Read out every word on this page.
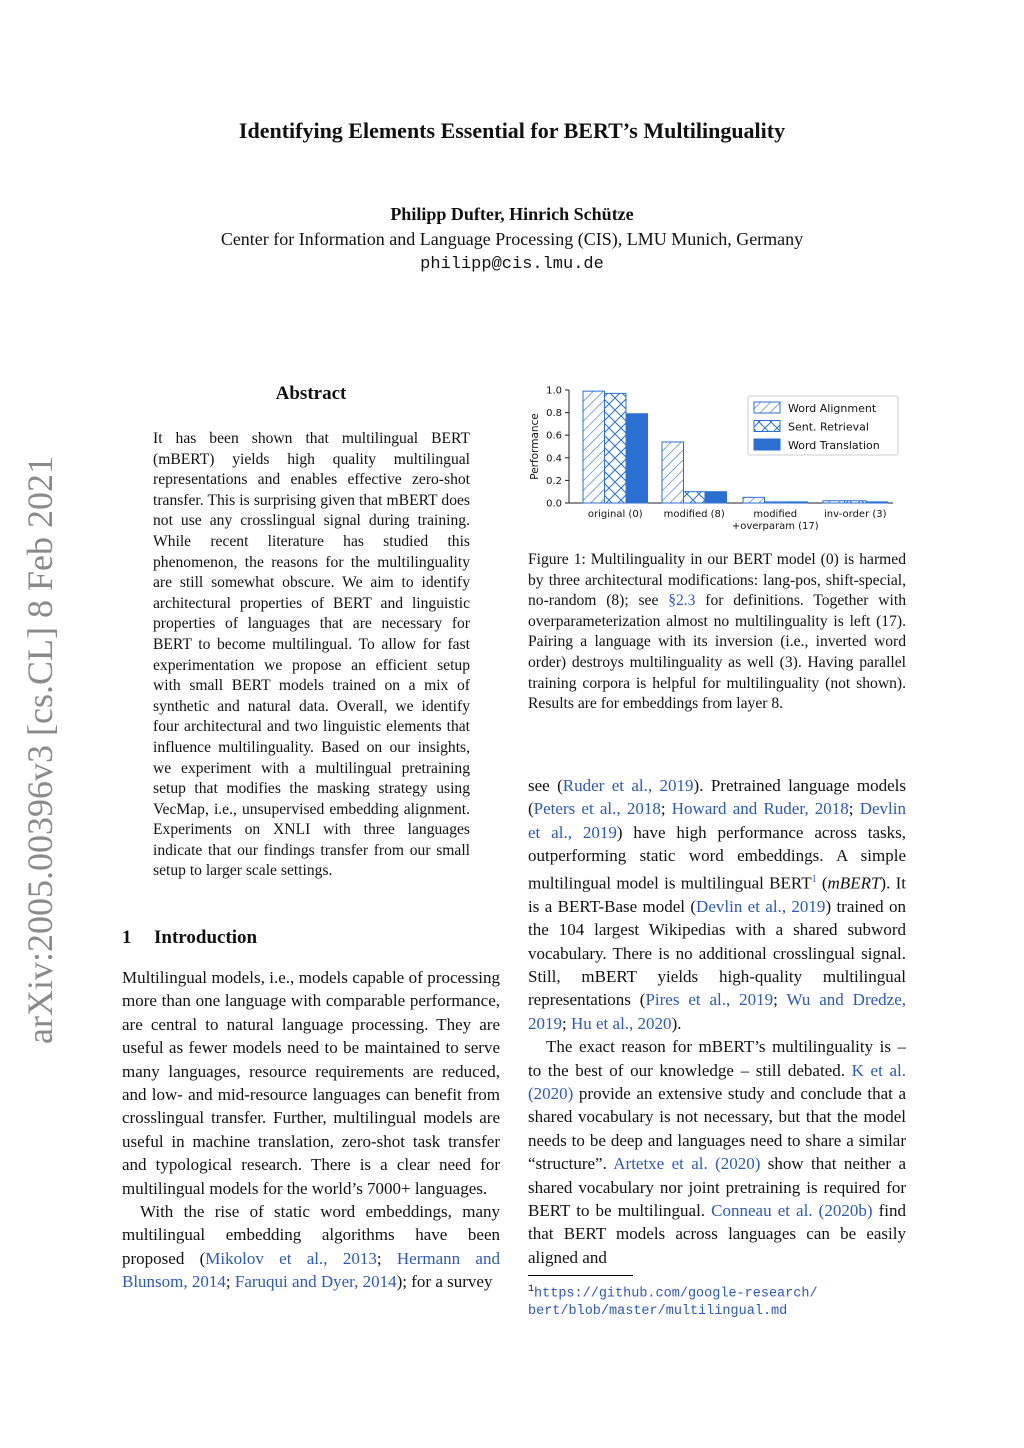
arXiv:2005.00396v3 [cs.CL] 8 Feb 2021
Identifying Elements Essential for BERT’s Multilinguality
Philipp Dufter, Hinrich Schütze
Center for Information and Language Processing (CIS), LMU Munich, Germany
philipp@cis.lmu.de
Abstract
It has been shown that multilingual BERT (mBERT) yields high quality multilingual representations and enables effective zero-shot transfer. This is surprising given that mBERT does not use any crosslingual signal during training. While recent literature has studied this phenomenon, the reasons for the multilinguality are still somewhat obscure. We aim to identify architectural properties of BERT and linguistic properties of languages that are necessary for BERT to become multilingual. To allow for fast experimentation we propose an efficient setup with small BERT models trained on a mix of synthetic and natural data. Overall, we identify four architectural and two linguistic elements that influence multilinguality. Based on our insights, we experiment with a multilingual pretraining setup that modifies the masking strategy using VecMap, i.e., unsupervised embedding alignment. Experiments on XNLI with three languages indicate that our findings transfer from our small setup to larger scale settings.
1 Introduction

Multilingual models, i.e., models capable of processing more than one language with comparable performance, are central to natural language processing. They are useful as fewer models need to be maintained to serve many languages, resource requirements are reduced, and low- and mid-resource languages can benefit from crosslingual transfer. Further, multilingual models are useful in machine translation, zero-shot task transfer and typological research. There is a clear need for multilingual models for the world’s 7000+ languages.

With the rise of static word embeddings, many multilingual embedding algorithms have been proposed (Mikolov et al., 2013; Hermann and Blunsom, 2014; Faruqui and Dyer, 2014); for a survey

0.0
0.2
0.4
0.6
0.8
1.0
Performance
original (0) modified (8)	modified
+overparam (17)
inv-order (3)
Word Alignment
Sent. Retrieval
Word Translation
Figure 1: Multilinguality in our BERT model (0) is harmed by three architectural modifications: lang-pos, shift-special, no-random (8); see §2.3 for definitions. Together with overparameterization almost no multilinguality is left (17). Pairing a language with its inversion (i.e., inverted word order) destroys multilinguality as well (3). Having parallel training corpora is helpful for multilinguality (not shown). Results are for embeddings from layer 8.

see (Ruder et al., 2019). Pretrained language models (Peters et al., 2018; Howard and Ruder, 2018; Devlin et al., 2019) have high performance across tasks, outperforming static word embeddings. A simple multilingual model is multilingual BERT$^1$ (mBERT). It is a BERT-Base model (Devlin et al., 2019) trained on the 104 largest Wikipedias with a shared subword vocabulary. There is no additional crosslingual signal. Still, mBERT yields high-quality multilingual representations (Pires et al., 2019; Wu and Dredze, 2019; Hu et al., 2020).

The exact reason for mBERT’s multilinguality is – to the best of our knowledge – still debated. K et al. (2020) provide an extensive study and conclude that a shared vocabulary is not necessary, but that the model needs to be deep and languages need to share a similar “structure”. Artetxe et al. (2020) show that neither a shared vocabulary nor joint pretraining is required for BERT to be multilingual. Conneau et al. (2020b) find that BERT models across languages can be easily aligned and

$^1$https://github.com/google-research/
bert/blob/master/multilingual.md
